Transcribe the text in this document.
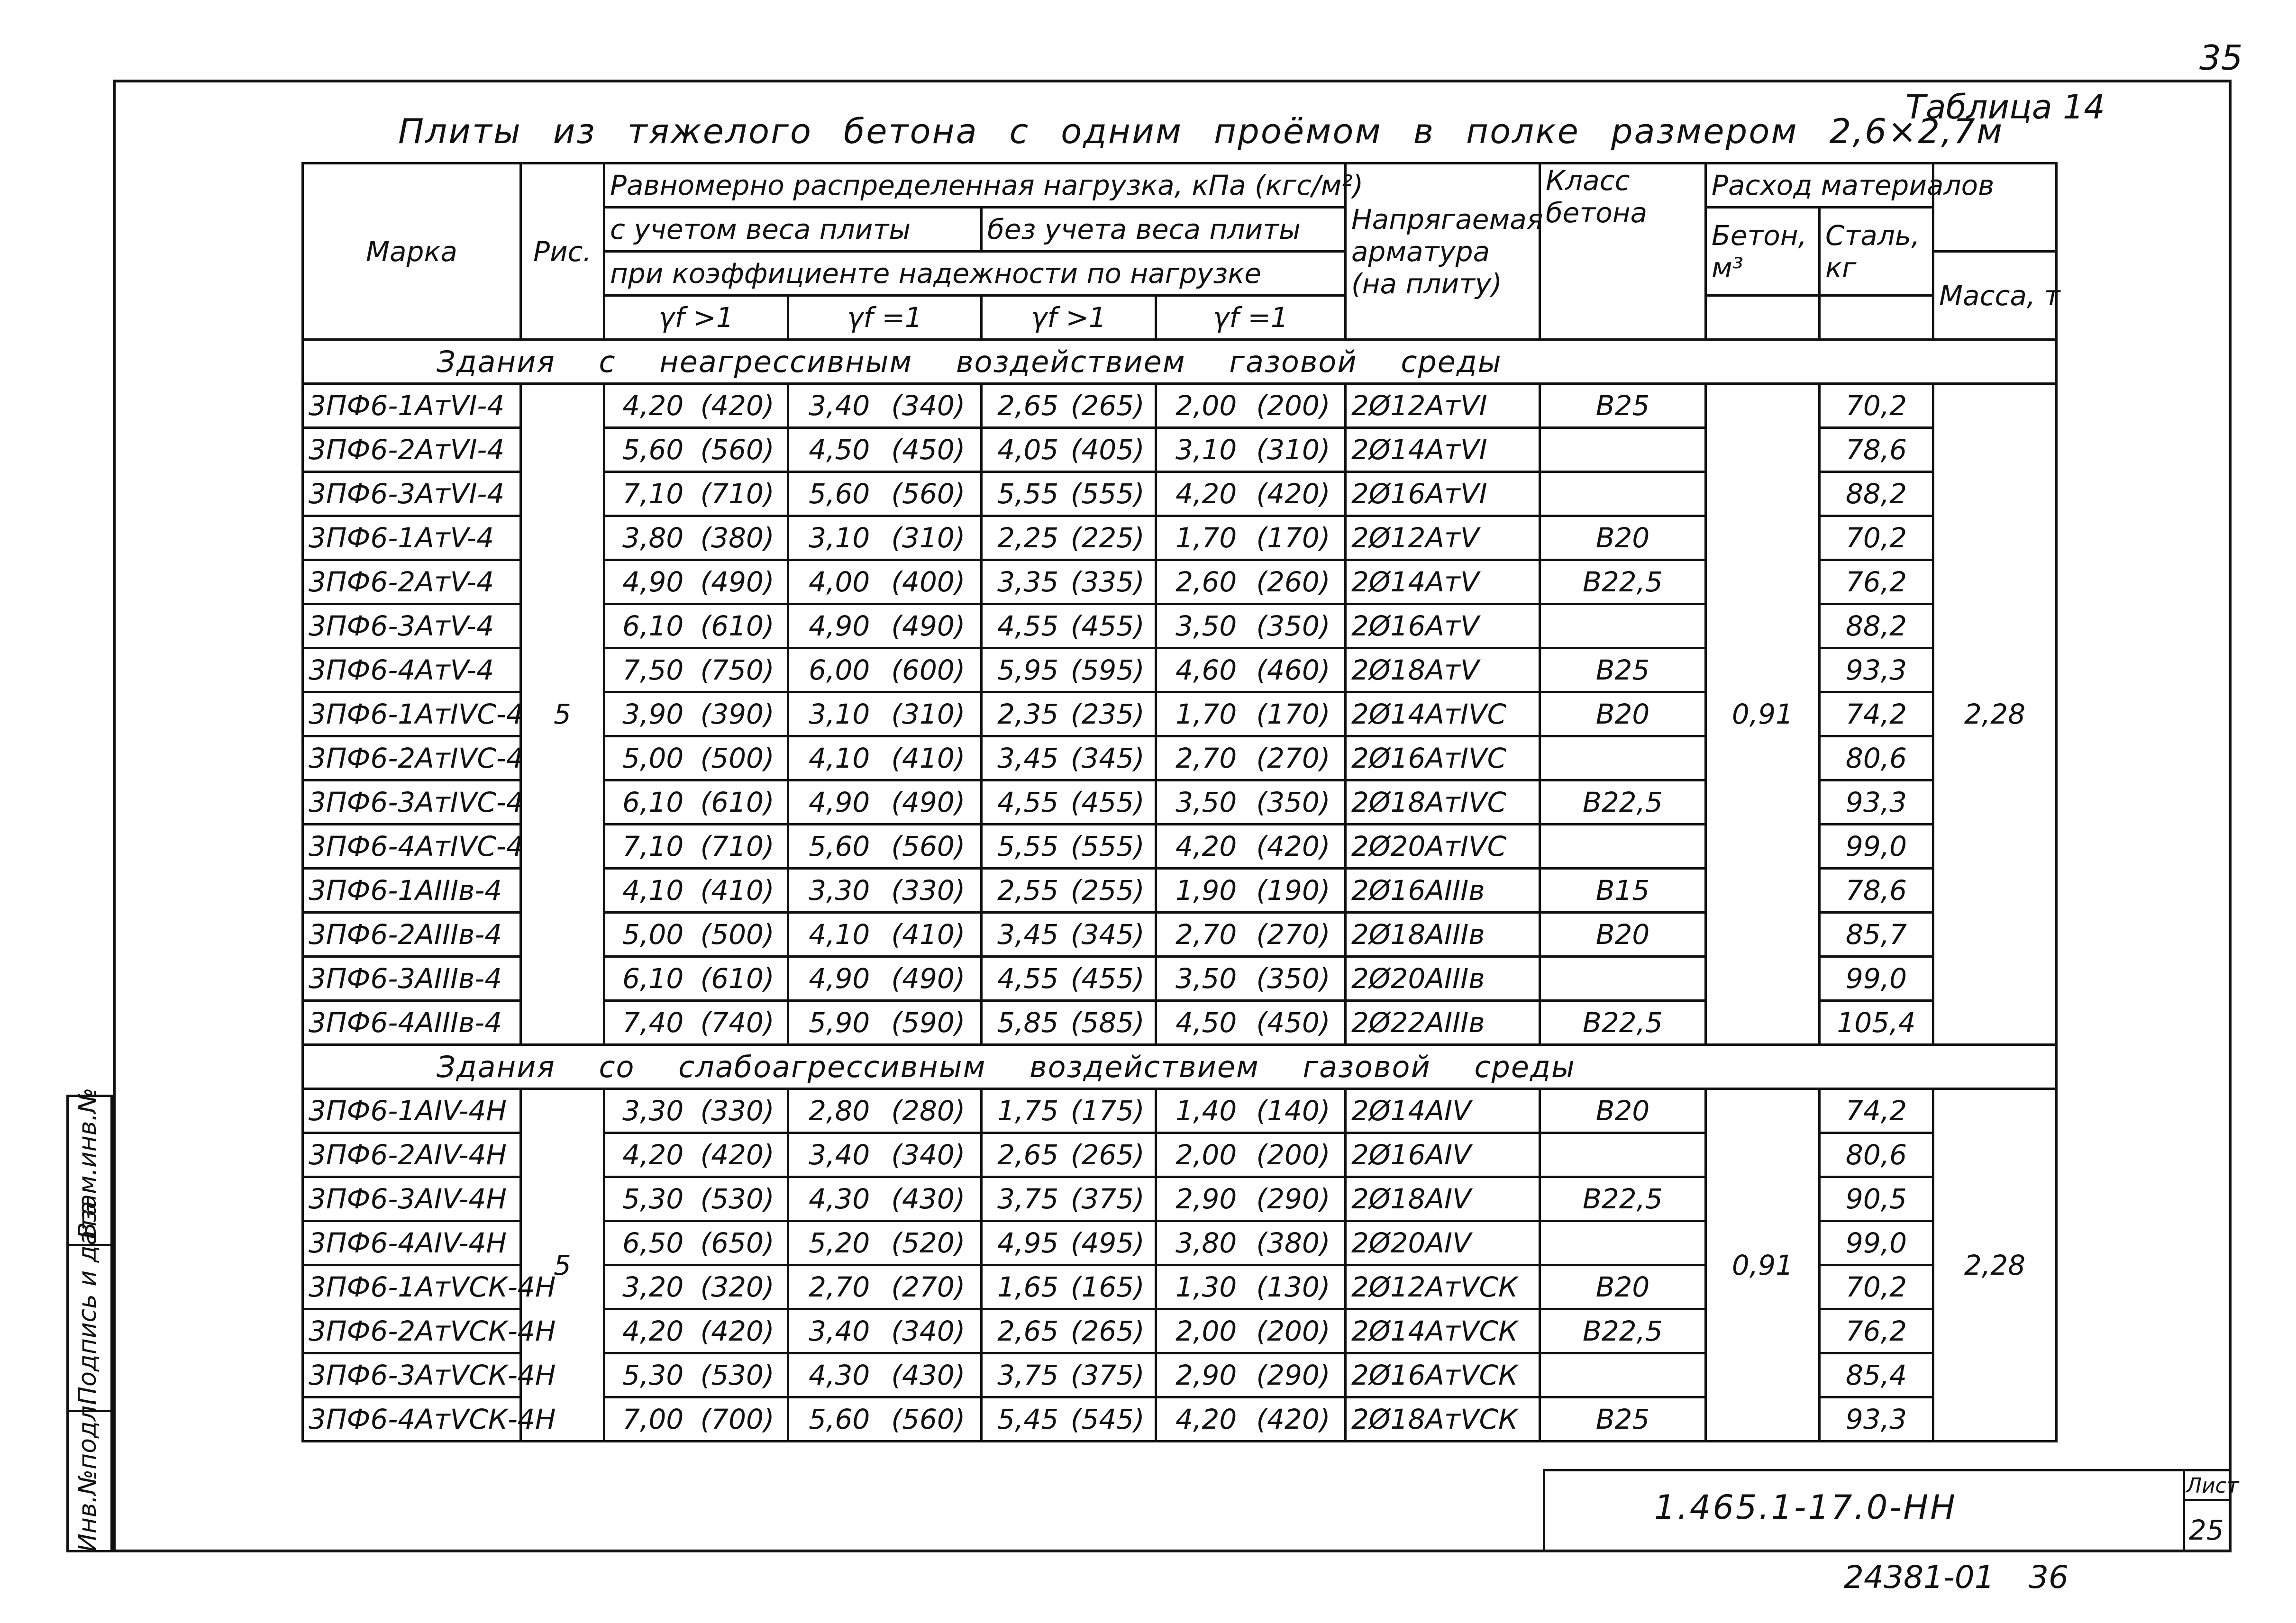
35
Таблица 14
Плиты из тяжелого бетона с одним проёмом в полке размером 2,6×2,7м
Марка	Рис.	Равномерно распределенная нагрузка, кПа (кгс/м²)				Напрягаемая арматура (на плиту)	Класс бетона	Расход материалов		
		с учетом веса плиты		без учета веса плиты				Бетон, м³	Сталь, кг	
		при коэффициенте надежности по нагрузке								Масса, т
		γf >1	γf =1	γf >1	γf =1					
Здания с неагрессивным воздействием газовой среды										
3ПФ6-1АтVI-4	5	4,20 (420)	3,40 (340)	2,65 (265)	2,00 (200)	2Ø12АтVI	В25	0,91	70,2	2,28
3ПФ6-2АтVI-4		5,60 (560)	4,50 (450)	4,05 (405)	3,10 (310)	2Ø14АтVI			78,6	
3ПФ6-3АтVI-4		7,10 (710)	5,60 (560)	5,55 (555)	4,20 (420)	2Ø16АтVI			88,2	
3ПФ6-1АтV-4		3,80 (380)	3,10 (310)	2,25 (225)	1,70 (170)	2Ø12АтV	В20		70,2	
3ПФ6-2АтV-4		4,90 (490)	4,00 (400)	3,35 (335)	2,60 (260)	2Ø14АтV	В22,5		76,2	
3ПФ6-3АтV-4		6,10 (610)	4,90 (490)	4,55 (455)	3,50 (350)	2Ø16АтV			88,2	
3ПФ6-4АтV-4		7,50 (750)	6,00 (600)	5,95 (595)	4,60 (460)	2Ø18АтV	В25		93,3	
3ПФ6-1АтIVС-4		3,90 (390)	3,10 (310)	2,35 (235)	1,70 (170)	2Ø14АтIVС	В20		74,2	
3ПФ6-2АтIVС-4		5,00 (500)	4,10 (410)	3,45 (345)	2,70 (270)	2Ø16АтIVС			80,6	
3ПФ6-3АтIVС-4		6,10 (610)	4,90 (490)	4,55 (455)	3,50 (350)	2Ø18АтIVС	В22,5		93,3	
3ПФ6-4АтIVС-4		7,10 (710)	5,60 (560)	5,55 (555)	4,20 (420)	2Ø20АтIVС			99,0	
3ПФ6-1АIIIв-4		4,10 (410)	3,30 (330)	2,55 (255)	1,90 (190)	2Ø16АIIIв	В15		78,6	
3ПФ6-2АIIIв-4		5,00 (500)	4,10 (410)	3,45 (345)	2,70 (270)	2Ø18АIIIв	В20		85,7	
3ПФ6-3АIIIв-4		6,10 (610)	4,90 (490)	4,55 (455)	3,50 (350)	2Ø20АIIIв			99,0	
3ПФ6-4АIIIв-4		7,40 (740)	5,90 (590)	5,85 (585)	4,50 (450)	2Ø22АIIIв	В22,5		105,4	
Здания со слабоагрессивным воздействием газовой среды										
3ПФ6-1АIV-4Н	5	3,30 (330)	2,80 (280)	1,75 (175)	1,40 (140)	2Ø14АIV	В20	0,91	74,2	2,28
3ПФ6-2АIV-4Н		4,20 (420)	3,40 (340)	2,65 (265)	2,00 (200)	2Ø16АIV			80,6	
3ПФ6-3АIV-4Н		5,30 (530)	4,30 (430)	3,75 (375)	2,90 (290)	2Ø18АIV	В22,5		90,5	
3ПФ6-4АIV-4Н		6,50 (650)	5,20 (520)	4,95 (495)	3,80 (380)	2Ø20АIV			99,0	
3ПФ6-1АтVСК-4Н		3,20 (320)	2,70 (270)	1,65 (165)	1,30 (130)	2Ø12АтVСК	В20		70,2	
3ПФ6-2АтVСК-4Н		4,20 (420)	3,40 (340)	2,65 (265)	2,00 (200)	2Ø14АтVСК	В22,5		76,2	
3ПФ6-3АтVСК-4Н		5,30 (530)	4,30 (430)	3,75 (375)	2,90 (290)	2Ø16АтVСК			85,4	
3ПФ6-4АтVСК-4Н		7,00 (700)	5,60 (560)	5,45 (545)	4,20 (420)	2Ø18АтVСК	В25		93,3	
Инв.№подл.
Подпись и дата
Взам.инв.№
1.465.1-17.0-НН
Лист
25
24381-01 36
